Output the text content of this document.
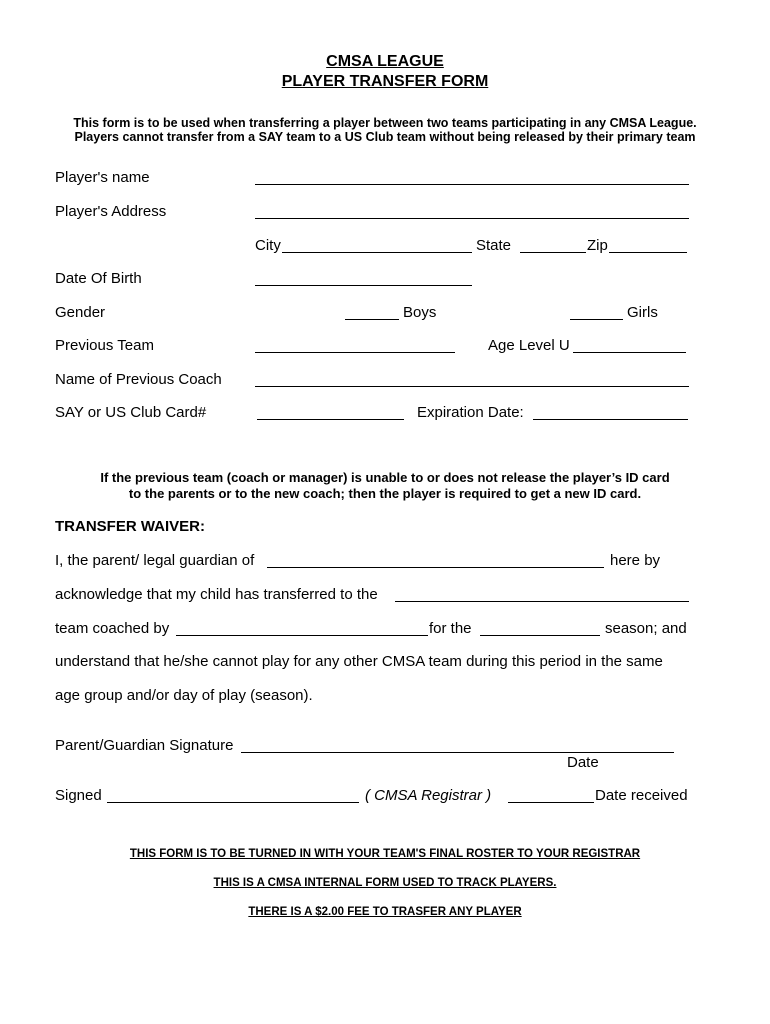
CMSA LEAGUE
PLAYER TRANSFER FORM
This form is to be used when transferring a player between two teams participating in any CMSA League.
Players cannot transfer from a SAY team to a US Club team without being released by their primary team
Player's name
Player's Address
City	State	Zip
Date Of Birth
Gender	Boys	Girls
Previous Team	Age Level U
Name of Previous Coach
SAY or US Club Card#	Expiration Date:
If the previous team (coach or manager) is unable to or does not release the player’s ID card
to the parents or to the new coach; then the player is required to get a new ID card.
TRANSFER WAIVER:
I, the parent/ legal guardian of	here by
acknowledge that my child has transferred to the
team coached by	for the	season; and
understand that he/she cannot play for any other CMSA team during this period in the same
age group and/or day of play (season).
Parent/Guardian Signature
Date
Signed	( CMSA Registrar )	Date received
THIS FORM IS TO BE TURNED IN WITH YOUR TEAM'S FINAL ROSTER TO YOUR REGISTRAR
THIS IS A CMSA INTERNAL FORM USED TO TRACK PLAYERS.
THERE IS A $2.00 FEE TO TRASFER ANY PLAYER
